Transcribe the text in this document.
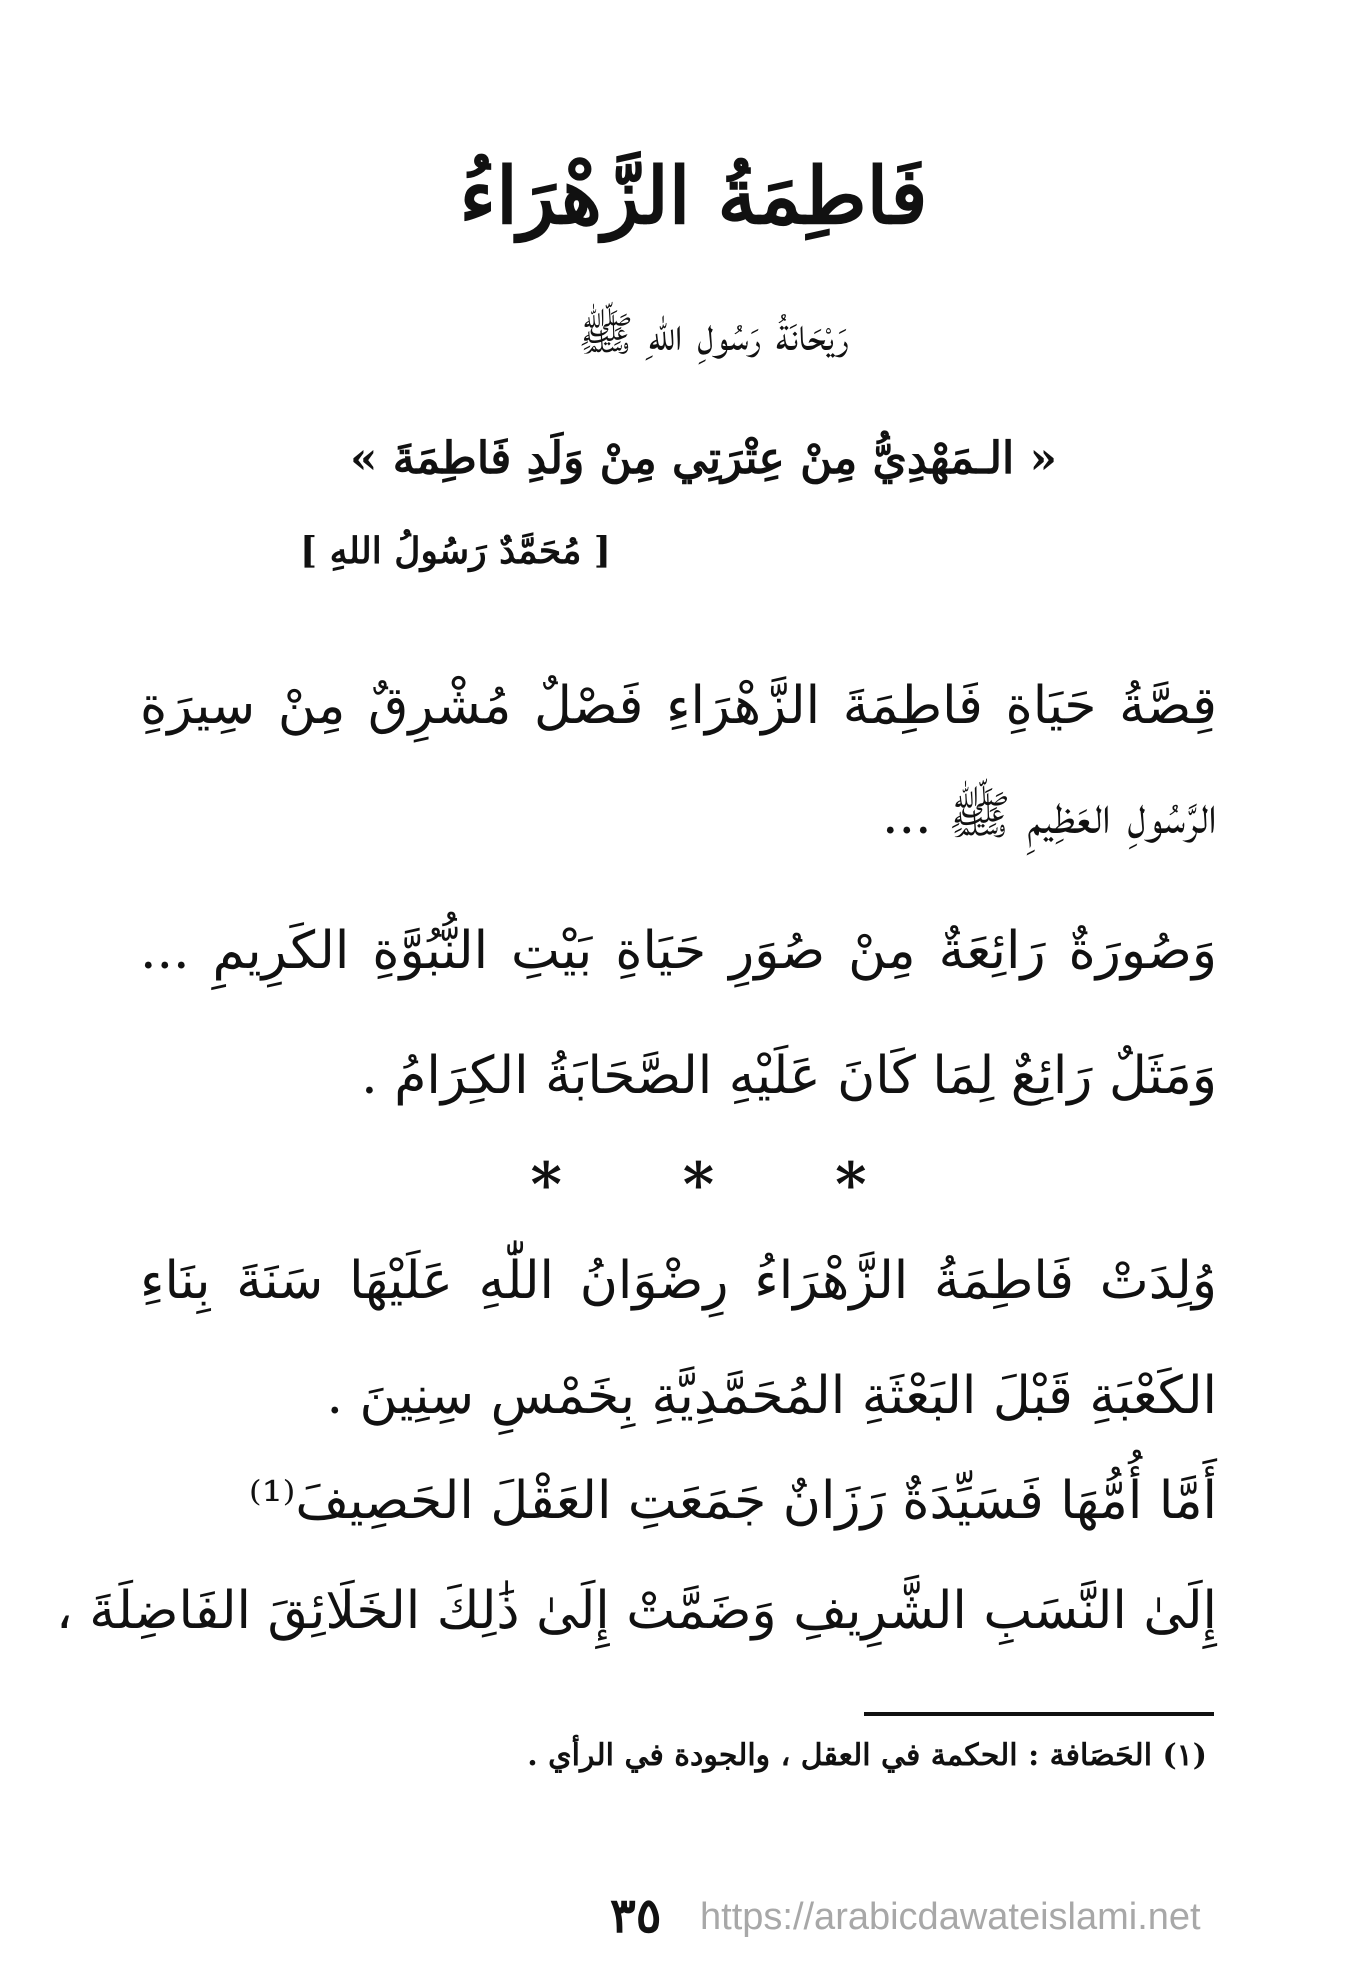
فَاطِمَةُ الزَّهْرَاءُ
رَيْحَانَةُ رَسُولِ اللّٰهِ ﷺ
« الـمَهْدِيُّ مِنْ عِتْرَتِي مِنْ وَلَدِ فَاطِمَةَ »
[ مُحَمَّدٌ رَسُولُ اللهِ ]
قِصَّةُ حَيَاةِ فَاطِمَةَ الزَّهْرَاءِ فَصْلٌ مُشْرِقٌ مِنْ سِيرَةِ
الرَّسُولِ العَظِيمِ ﷺ ...
وَصُورَةٌ رَائِعَةٌ مِنْ صُوَرِ حَيَاةِ بَيْتِ النُّبُوَّةِ الكَرِيمِ ...
وَمَثَلٌ رَائِعٌ لِمَا كَانَ عَلَيْهِ الصَّحَابَةُ الكِرَامُ .
* * *
وُلِدَتْ فَاطِمَةُ الزَّهْرَاءُ رِضْوَانُ اللّٰهِ عَلَيْهَا سَنَةَ بِنَاءِ
الكَعْبَةِ قَبْلَ البَعْثَةِ المُحَمَّدِيَّةِ بِخَمْسِ سِنِينَ .
أَمَّا أُمُّهَا فَسَيِّدَةٌ رَزَانٌ جَمَعَتِ العَقْلَ الحَصِيفَ⁽¹⁾
إِلَىٰ النَّسَبِ الشَّرِيفِ وَضَمَّتْ إِلَىٰ ذَٰلِكَ الخَلَائِقَ الفَاضِلَةَ ،
(١) الحَصَافة : الحكمة في العقل ، والجودة في الرأي .
٣٥ https://arabicdawateislami.net
